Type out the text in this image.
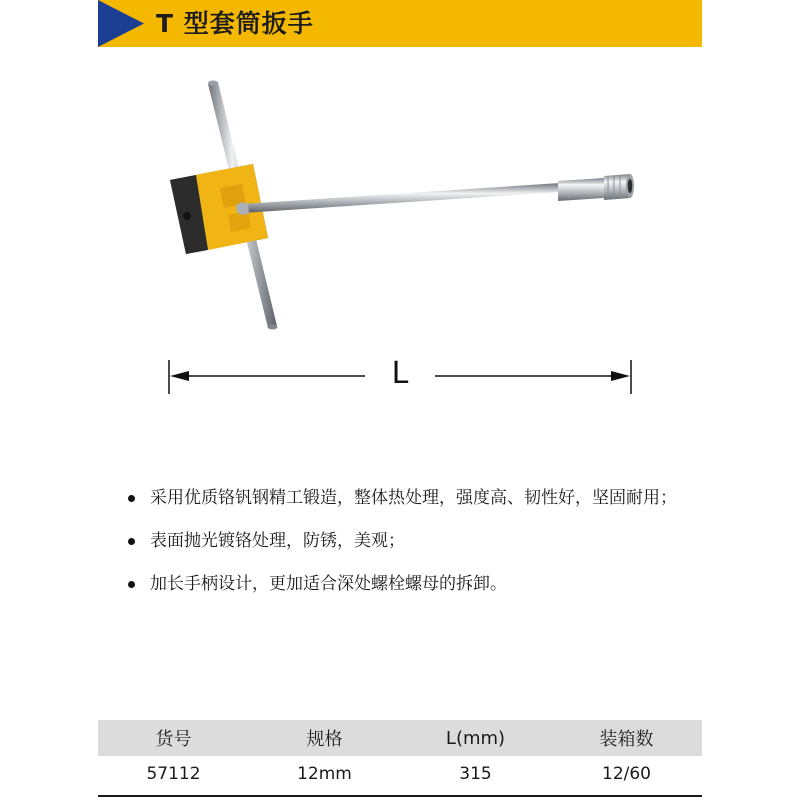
T 型套筒扳手
L
采用优质铬钒钢精工锻造，整体热处理，强度高、韧性好，坚固耐用；
表面抛光镀铬处理，防锈，美观；
加长手柄设计，更加适合深处螺栓螺母的拆卸。
货号	规格	L(mm)	装箱数
57112	12mm	315	12/60
